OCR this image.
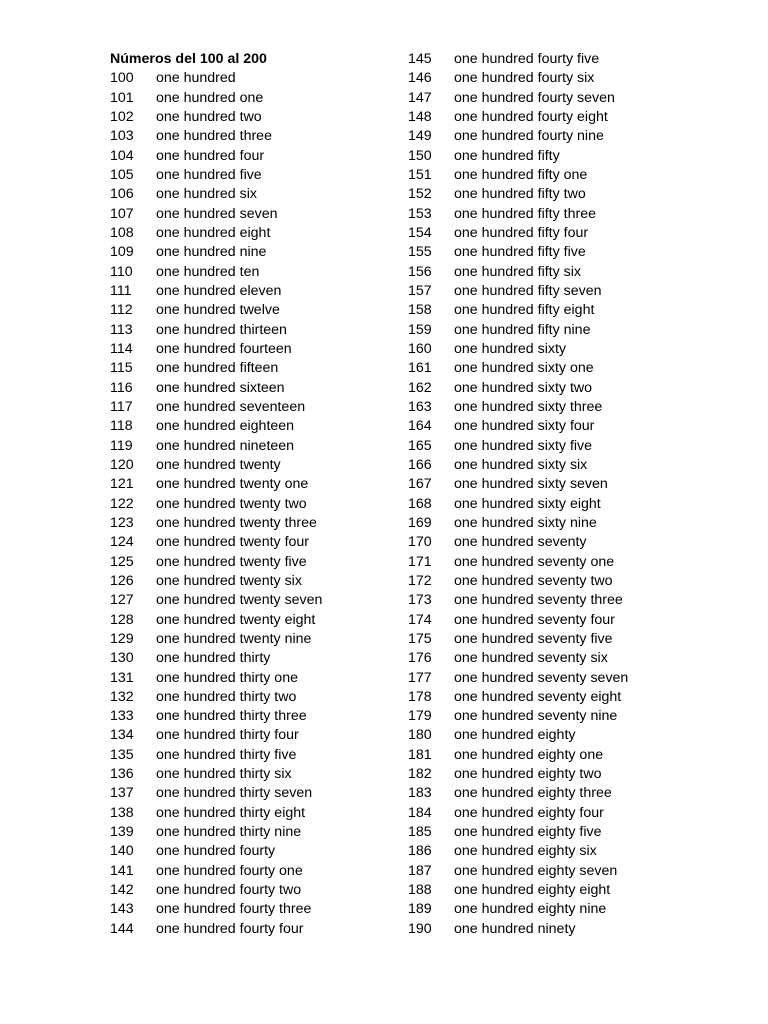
Números del 100 al 200
100	one hundred
101	one hundred one
102	one hundred two
103	one hundred three
104	one hundred four
105	one hundred five
106	one hundred six
107	one hundred seven
108	one hundred eight
109	one hundred nine
110	one hundred ten
111	one hundred eleven
112	one hundred twelve
113	one hundred thirteen
114	one hundred fourteen
115	one hundred fifteen
116	one hundred sixteen
117	one hundred seventeen
118	one hundred eighteen
119	one hundred nineteen
120	one hundred twenty
121	one hundred twenty one
122	one hundred twenty two
123	one hundred twenty three
124	one hundred twenty four
125	one hundred twenty five
126	one hundred twenty six
127	one hundred twenty seven
128	one hundred twenty eight
129	one hundred twenty nine
130	one hundred thirty
131	one hundred thirty one
132	one hundred thirty two
133	one hundred thirty three
134	one hundred thirty four
135	one hundred thirty five
136	one hundred thirty six
137	one hundred thirty seven
138	one hundred thirty eight
139	one hundred thirty nine
140	one hundred fourty
141	one hundred fourty one
142	one hundred fourty two
143	one hundred fourty three
144	one hundred fourty four
145	one hundred fourty five
146	one hundred fourty six
147	one hundred fourty seven
148	one hundred fourty eight
149	one hundred fourty nine
150	one hundred fifty
151	one hundred fifty one
152	one hundred fifty two
153	one hundred fifty three
154	one hundred fifty four
155	one hundred fifty five
156	one hundred fifty six
157	one hundred fifty seven
158	one hundred fifty eight
159	one hundred fifty nine
160	one hundred sixty
161	one hundred sixty one
162	one hundred sixty two
163	one hundred sixty three
164	one hundred sixty four
165	one hundred sixty five
166	one hundred sixty six
167	one hundred sixty seven
168	one hundred sixty eight
169	one hundred sixty nine
170	one hundred seventy
171	one hundred seventy one
172	one hundred seventy two
173	one hundred seventy three
174	one hundred seventy four
175	one hundred seventy five
176	one hundred seventy six
177	one hundred seventy seven
178	one hundred seventy eight
179	one hundred seventy nine
180	one hundred eighty
181	one hundred eighty one
182	one hundred eighty two
183	one hundred eighty three
184	one hundred eighty four
185	one hundred eighty five
186	one hundred eighty six
187	one hundred eighty seven
188	one hundred eighty eight
189	one hundred eighty nine
190	one hundred ninety
